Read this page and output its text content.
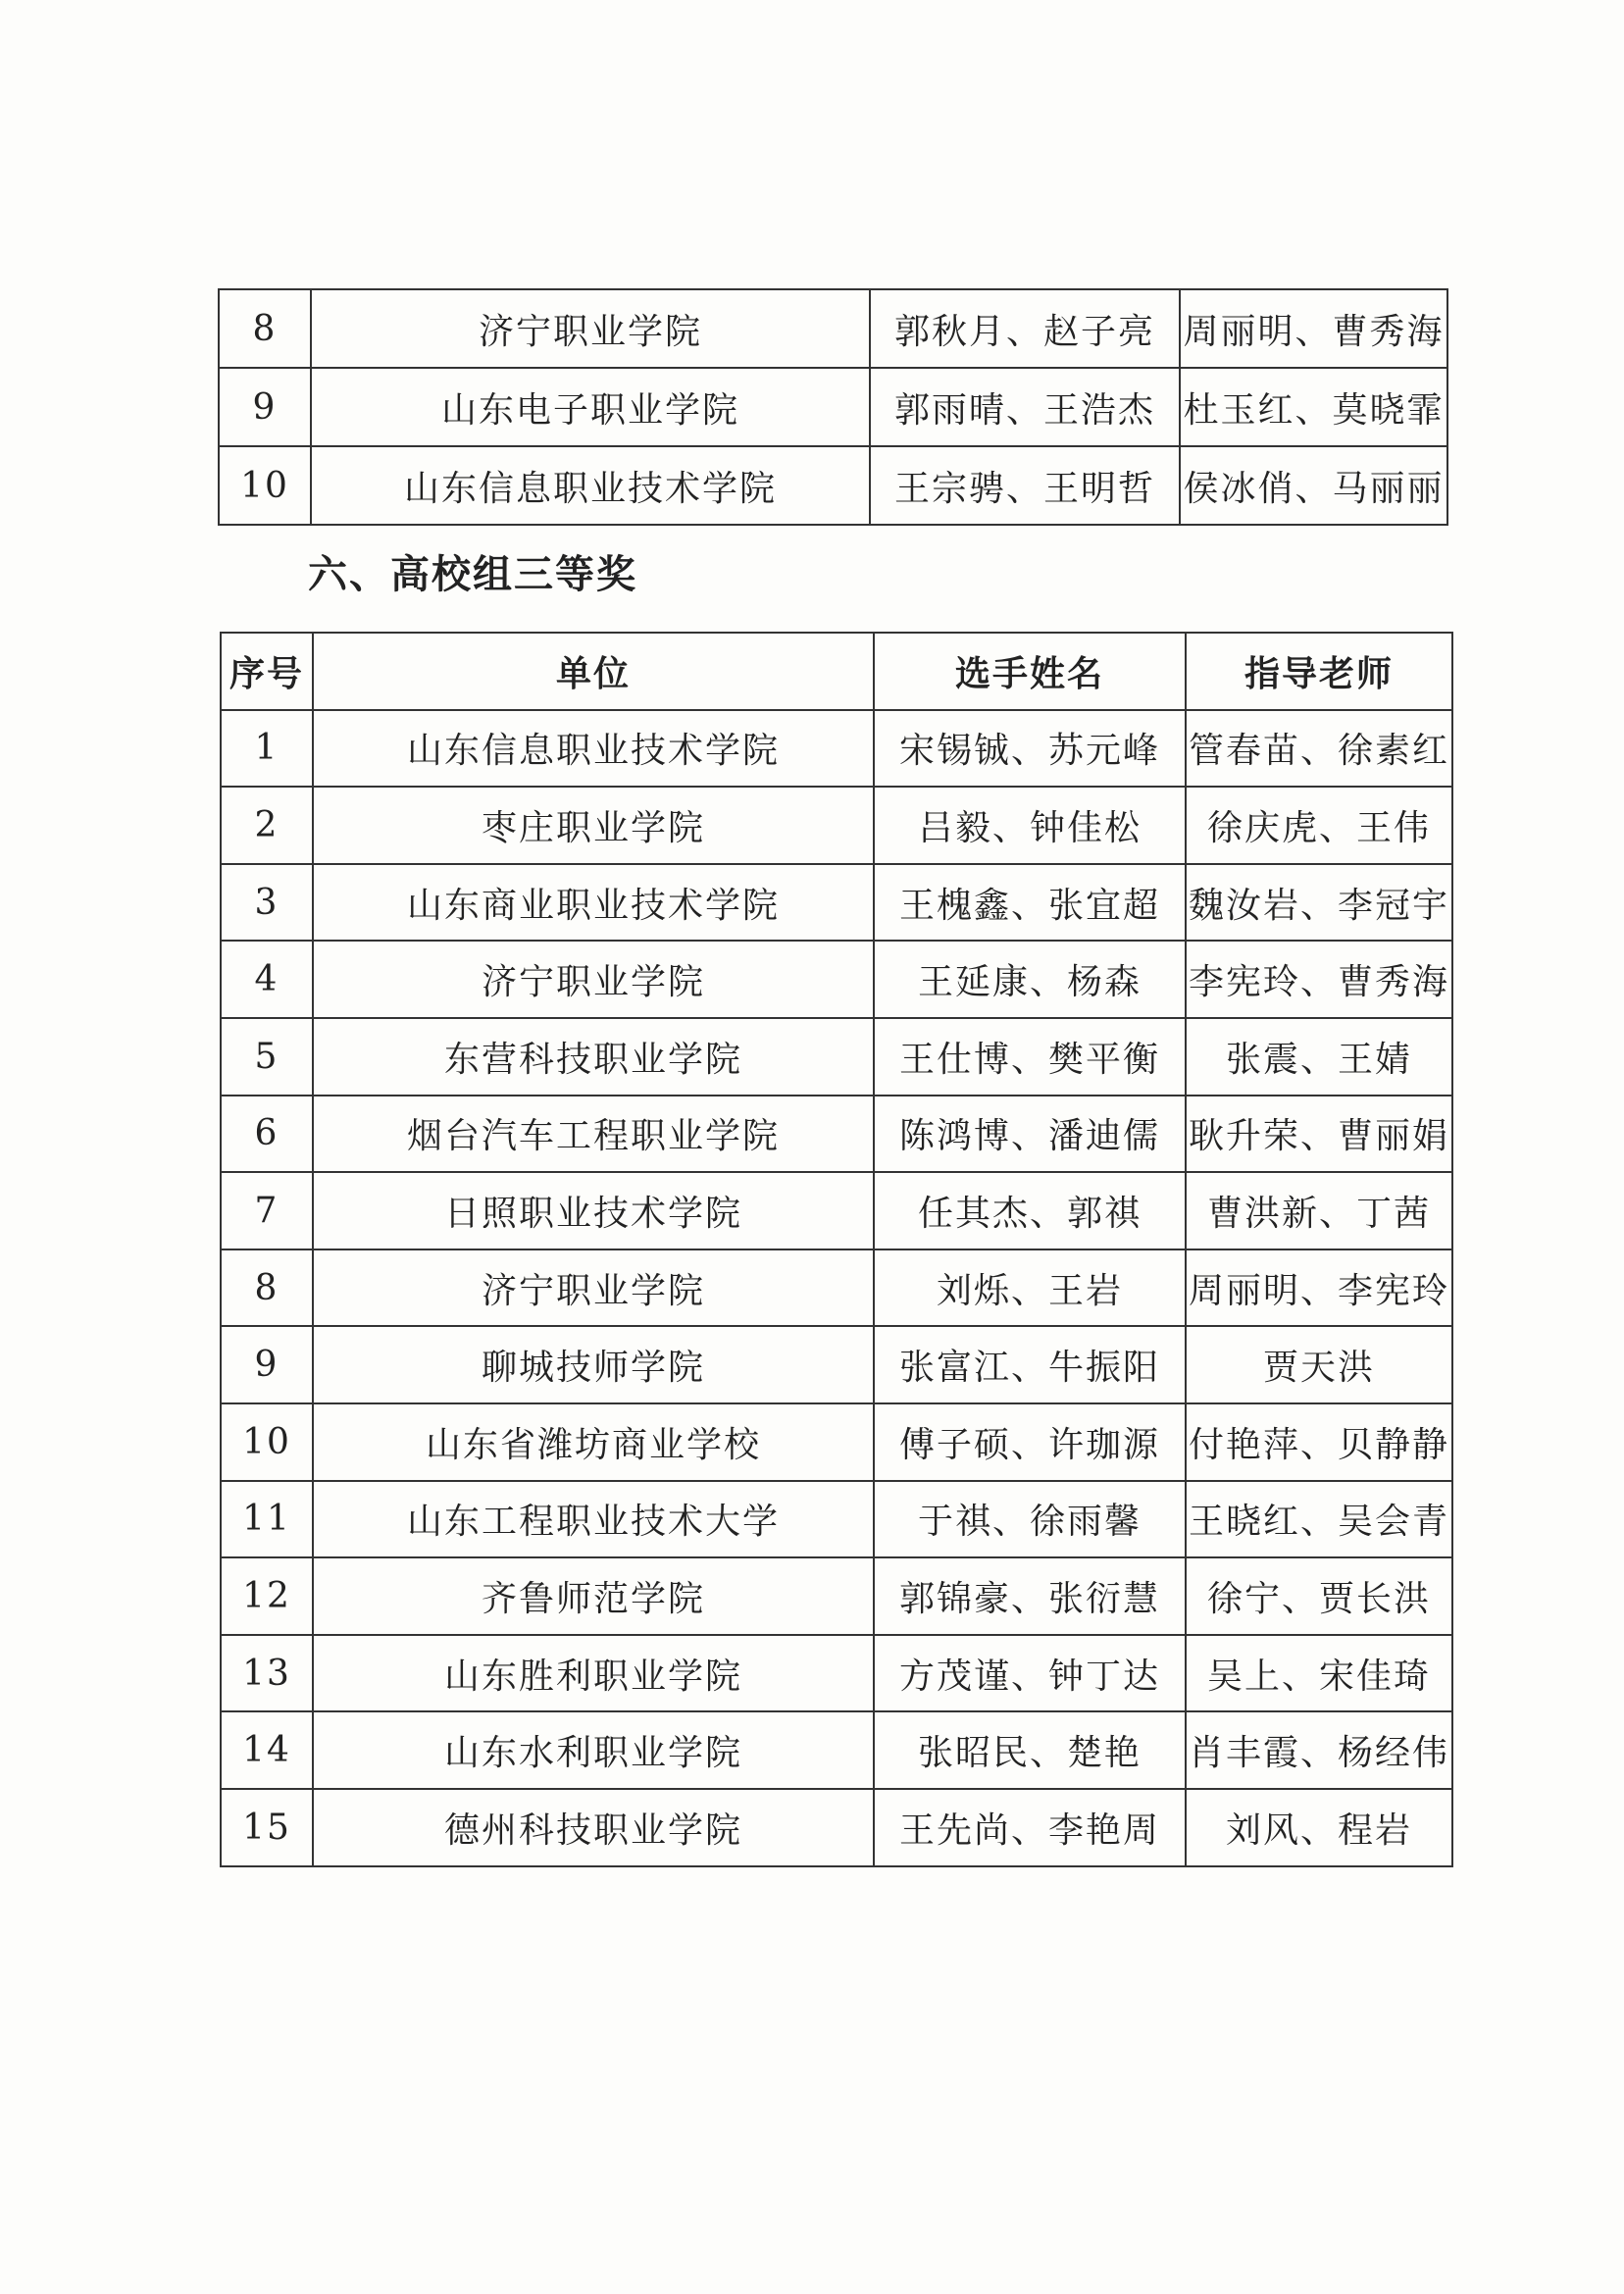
8	济宁职业学院	郭秋月、赵子亮	周丽明、曹秀海
9	山东电子职业学院	郭雨晴、王浩杰	杜玉红、莫晓霏
10	山东信息职业技术学院	王宗骋、王明哲	侯冰俏、马丽丽
六、高校组三等奖
序号	单位	选手姓名	指导老师
1	山东信息职业技术学院	宋锡铖、苏元峰	管春苗、徐素红
2	枣庄职业学院	吕毅、钟佳松	徐庆虎、王伟
3	山东商业职业技术学院	王槐鑫、张宜超	魏汝岩、李冠宇
4	济宁职业学院	王延康、杨森	李宪玲、曹秀海
5	东营科技职业学院	王仕博、樊平衡	张震、王婧
6	烟台汽车工程职业学院	陈鸿博、潘迪儒	耿升荣、曹丽娟
7	日照职业技术学院	任其杰、郭祺	曹洪新、丁茜
8	济宁职业学院	刘烁、王岩	周丽明、李宪玲
9	聊城技师学院	张富江、牛振阳	贾天洪
10	山东省潍坊商业学校	傅子硕、许珈源	付艳萍、贝静静
11	山东工程职业技术大学	于祺、徐雨馨	王晓红、吴会青
12	齐鲁师范学院	郭锦豪、张衍慧	徐宁、贾长洪
13	山东胜利职业学院	方茂谨、钟丁达	吴上、宋佳琦
14	山东水利职业学院	张昭民、楚艳	肖丰霞、杨经伟
15	德州科技职业学院	王先尚、李艳周	刘风、程岩
